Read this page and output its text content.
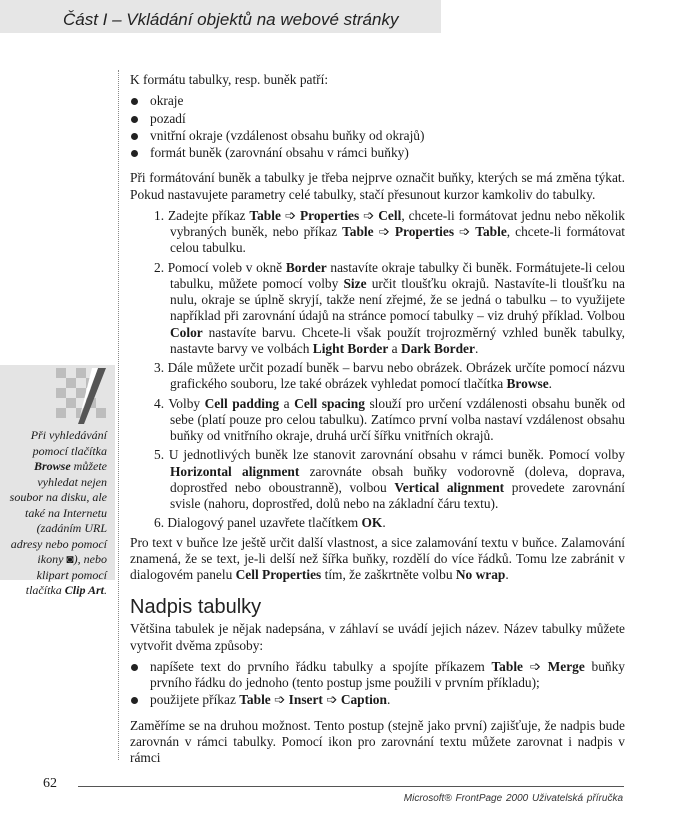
Část I – Vkládání objektů na webové stránky
K formátu tabulky, resp. buněk patří:
okraje
pozadí
vnitřní okraje (vzdálenost obsahu buňky od okrajů)
formát buněk (zarovnání obsahu v rámci buňky)
Při formátování buněk a tabulky je třeba nejprve označit buňky, kterých se má změna týkat. Pokud nastavujete parametry celé tabulky, stačí přesunout kurzor kamkoliv do tabulky.
1. Zadejte příkaz Table ➩ Properties ➩ Cell, chcete-li formátovat jednu nebo několik vybraných buněk, nebo příkaz Table ➩ Properties ➩ Table, chcete-li formátovat celou tabulku.
2. Pomocí voleb v okně Border nastavíte okraje tabulky či buněk. Formátujete-li celou tabulku, můžete pomocí volby Size určit tloušťku okrajů. Nastavíte-li tloušťku na nulu, okraje se úplně skryjí, takže není zřejmé, že se jedná o tabulku – to využijete například při zarovnání údajů na stránce pomocí tabulky – viz druhý příklad. Volbou Color nastavíte barvu. Chcete-li však použít trojrozměrný vzhled buněk tabulky, nastavte barvy ve volbách Light Border a Dark Border.
3. Dále můžete určit pozadí buněk – barvu nebo obrázek. Obrázek určíte pomocí názvu grafického souboru, lze také obrázek vyhledat pomocí tlačítka Browse.
4. Volby Cell padding a Cell spacing slouží pro určení vzdálenosti obsahu buněk od sebe (platí pouze pro celou tabulku). Zatímco první volba nastaví vzdálenost obsahu buňky od vnitřního okraje, druhá určí šířku vnitřních okrajů.
5. U jednotlivých buněk lze stanovit zarovnání obsahu v rámci buněk. Pomocí volby Horizontal alignment zarovnáte obsah buňky vodorovně (doleva, doprava, doprostřed nebo oboustranně), volbou Vertical alignment provedete zarovnání svisle (nahoru, doprostřed, dolů nebo na základní čáru textu).
6. Dialogový panel uzavřete tlačítkem OK.
Pro text v buňce lze ještě určit další vlastnost, a sice zalamování textu v buňce. Zalamování znamená, že se text, je-li delší než šířka buňky, rozdělí do více řádků. Tomu lze zabránit v dialogovém panelu Cell Properties tím, že zaškrtněte volbu No wrap.
Nadpis tabulky
Většina tabulek je nějak nadepsána, v záhlaví se uvádí jejich název. Název tabulky můžete vytvořit dvěma způsoby:
napíšete text do prvního řádku tabulky a spojíte příkazem Table ➩ Merge buňky prvního řádku do jednoho (tento postup jsme použili v prvním příkladu);
použijete příkaz Table ➩ Insert ➩ Caption.
Zaměříme se na druhou možnost. Tento postup (stejně jako první) zajišťuje, že nadpis bude zarovnán v rámci tabulky. Pomocí ikon pro zarovnání textu můžete zarovnat i nadpis v rámci
Při vyhledávání pomocí tlačítka Browse můžete vyhledat nejen soubor na disku, ale také na Internetu (zadáním URL adresy nebo pomocí ikony ◙), nebo klipart pomocí tlačítka Clip Art.
62
Microsoft® FrontPage 2000 Uživatelská příručka
